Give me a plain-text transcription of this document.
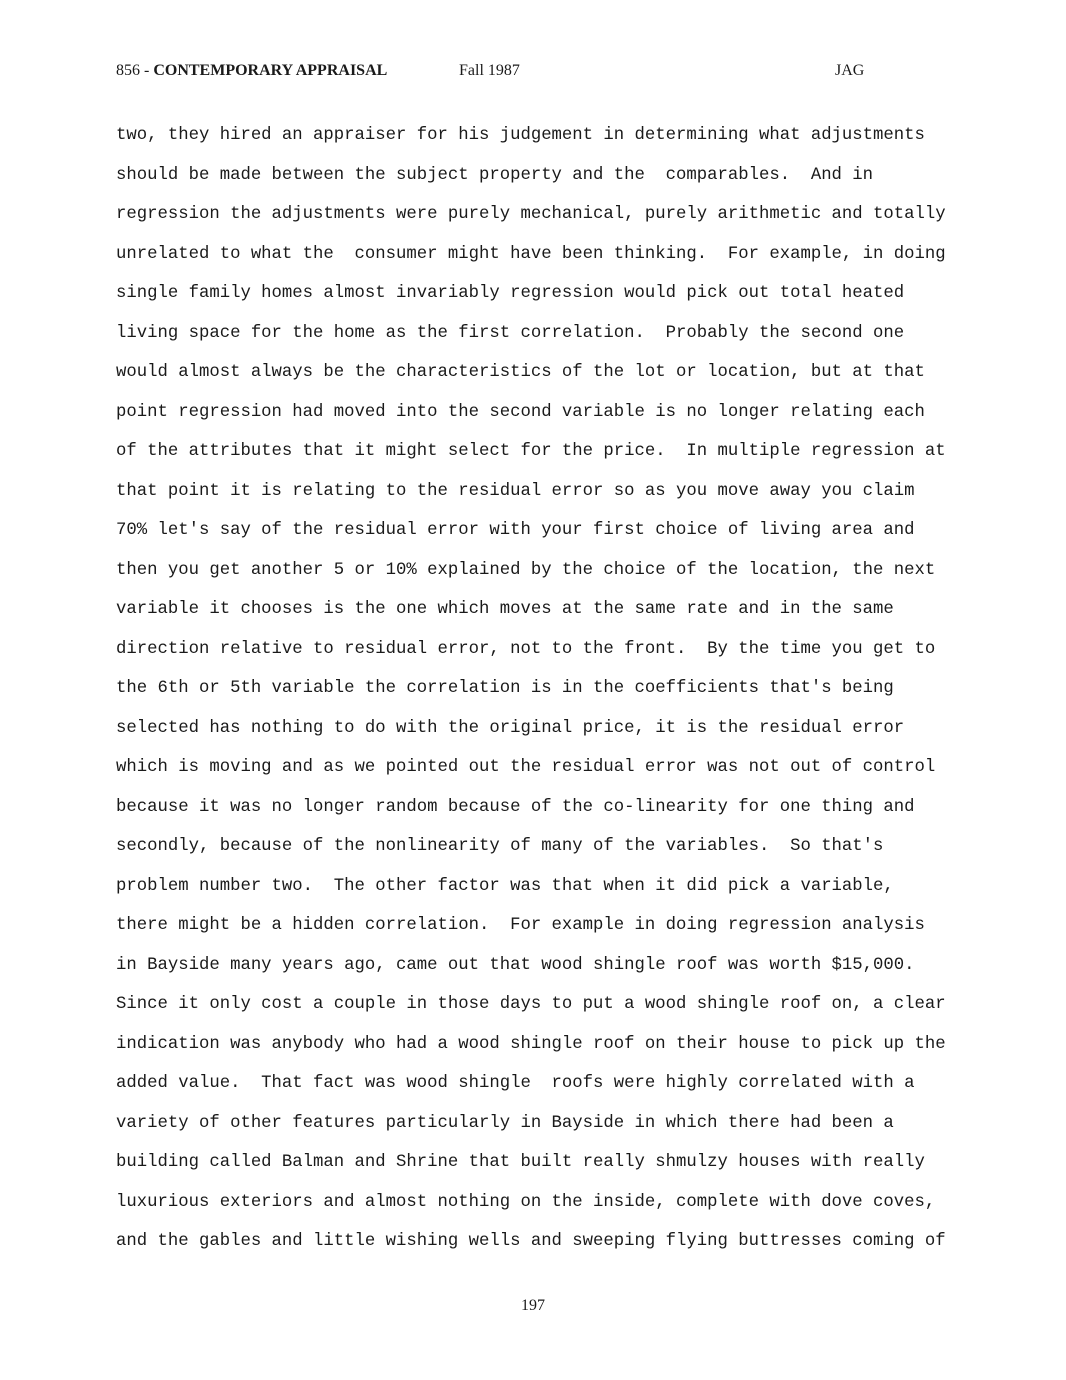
856 - CONTEMPORARY APPRAISAL	Fall 1987	JAG
two, they hired an appraiser for his judgement in determining what adjustments
should be made between the subject property and the  comparables.  And in
regression the adjustments were purely mechanical, purely arithmetic and totally
unrelated to what the  consumer might have been thinking.  For example, in doing
single family homes almost invariably regression would pick out total heated
living space for the home as the first correlation.  Probably the second one
would almost always be the characteristics of the lot or location, but at that
point regression had moved into the second variable is no longer relating each
of the attributes that it might select for the price.  In multiple regression at
that point it is relating to the residual error so as you move away you claim
70% let's say of the residual error with your first choice of living area and
then you get another 5 or 10% explained by the choice of the location, the next
variable it chooses is the one which moves at the same rate and in the same
direction relative to residual error, not to the front.  By the time you get to
the 6th or 5th variable the correlation is in the coefficients that's being
selected has nothing to do with the original price, it is the residual error
which is moving and as we pointed out the residual error was not out of control
because it was no longer random because of the co-linearity for one thing and
secondly, because of the nonlinearity of many of the variables.  So that's
problem number two.  The other factor was that when it did pick a variable,
there might be a hidden correlation.  For example in doing regression analysis
in Bayside many years ago, came out that wood shingle roof was worth $15,000.
Since it only cost a couple in those days to put a wood shingle roof on, a clear
indication was anybody who had a wood shingle roof on their house to pick up the
added value.  That fact was wood shingle  roofs were highly correlated with a
variety of other features particularly in Bayside in which there had been a
building called Balman and Shrine that built really shmulzy houses with really
luxurious exteriors and almost nothing on the inside, complete with dove coves,
and the gables and little wishing wells and sweeping flying buttresses coming of
197
